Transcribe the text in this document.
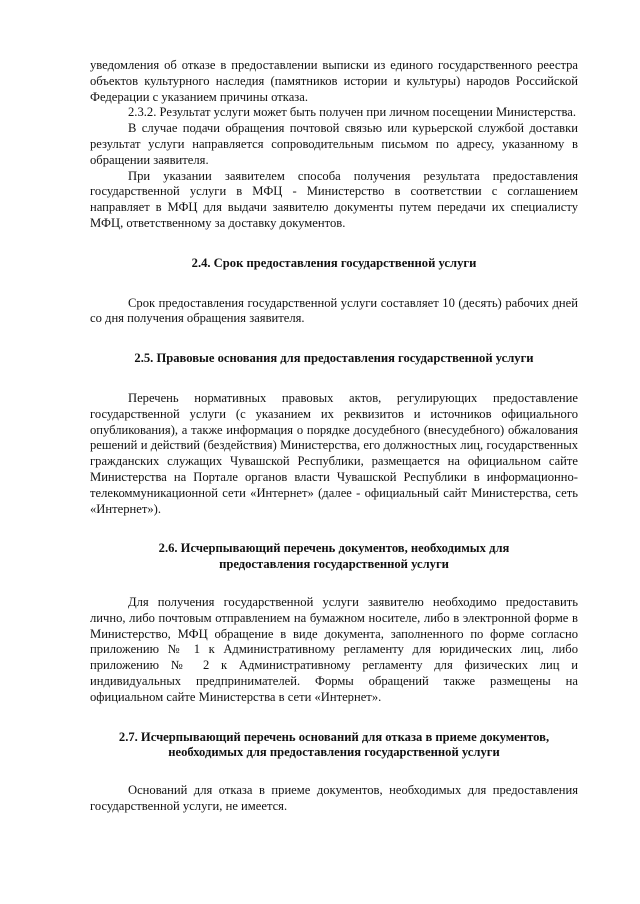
уведомления об отказе в предоставлении выписки из единого государственного реестра объектов культурного наследия (памятников истории и культуры) народов Российской Федерации с указанием причины отказа.

2.3.2. Результат услуги может быть получен при личном посещении Министерства.

В случае подачи обращения почтовой связью или курьерской службой доставки результат услуги направляется сопроводительным письмом по адресу, указанному в обращении заявителя.

При указании заявителем способа получения результата предоставления государственной услуги в МФЦ - Министерство в соответствии с соглашением направляет в МФЦ для выдачи заявителю документы путем передачи их специалисту МФЦ, ответственному за доставку документов.

2.4. Срок предоставления государственной услуги

Срок предоставления государственной услуги составляет 10 (десять) рабочих дней со дня получения обращения заявителя.

2.5. Правовые основания для предоставления государственной услуги

Перечень нормативных правовых актов, регулирующих предоставление государственной услуги (с указанием их реквизитов и источников официального опубликования), а также информация о порядке досудебного (внесудебного) обжалования решений и действий (бездействия) Министерства, его должностных лиц, государственных гражданских служащих Чувашской Республики, размещается на официальном сайте Министерства на Портале органов власти Чувашской Республики в информационно-телекоммуникационной сети «Интернет» (далее - официальный сайт Министерства, сеть «Интернет»).

2.6. Исчерпывающий перечень документов, необходимых для
предоставления государственной услуги

Для получения государственной услуги заявителю необходимо предоставить лично, либо почтовым отправлением на бумажном носителе, либо в электронной форме в Министерство, МФЦ обращение в виде документа, заполненного по форме согласно приложению № 1 к Административному регламенту для юридических лиц, либо приложению № 2 к Административному регламенту для физических лиц и индивидуальных предпринимателей. Формы обращений также размещены на официальном сайте Министерства в сети «Интернет».

2.7. Исчерпывающий перечень оснований для отказа в приеме документов,
необходимых для предоставления государственной услуги

Оснований для отказа в приеме документов, необходимых для предоставления государственной услуги, не имеется.
